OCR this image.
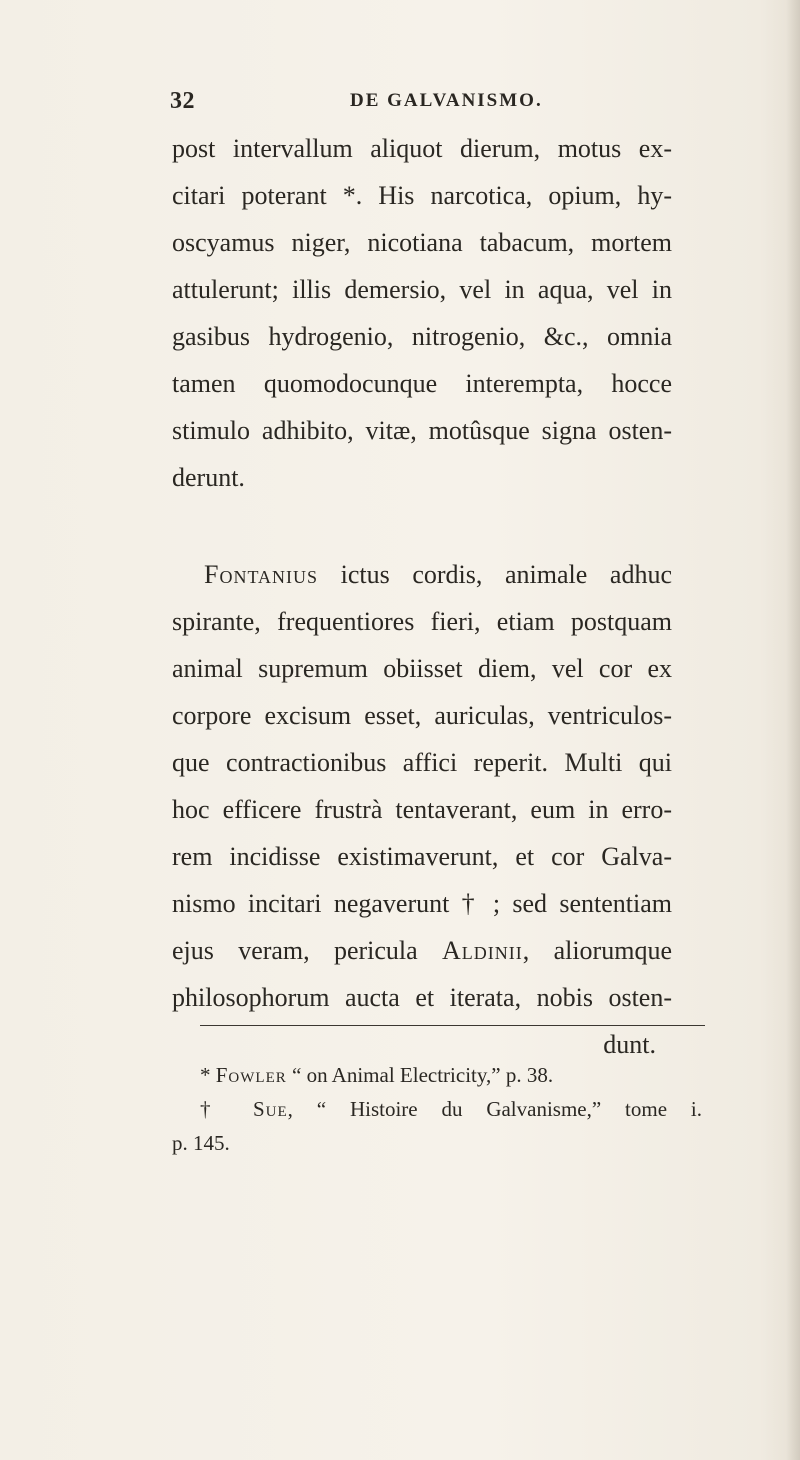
32	DE GALVANISMO.
post intervallum aliquot dierum, motus ex-
citari poterant *. His narcotica, opium, hy-
oscyamus niger, nicotiana tabacum, mortem
attulerunt; illis demersio, vel in aqua, vel in
gasibus hydrogenio, nitrogenio, &c., omnia
tamen quomodocunque interempta, hocce
stimulo adhibito, vitæ, motûsque signa osten-
derunt.
Fontanius ictus cordis, animale adhuc
spirante, frequentiores fieri, etiam postquam
animal supremum obiisset diem, vel cor ex
corpore excisum esset, auriculas, ventriculos-
que contractionibus affici reperit. Multi qui
hoc efficere frustrà tentaverant, eum in erro-
rem incidisse existimaverunt, et cor Galva-
nismo incitari negaverunt † ; sed sententiam
ejus veram, pericula Aldinii, aliorumque
philosophorum aucta et iterata, nobis osten-
dunt.
* Fowler “ on Animal Electricity,” p. 38.
† Sue, “ Histoire du Galvanisme,” tome i.
p. 145.
